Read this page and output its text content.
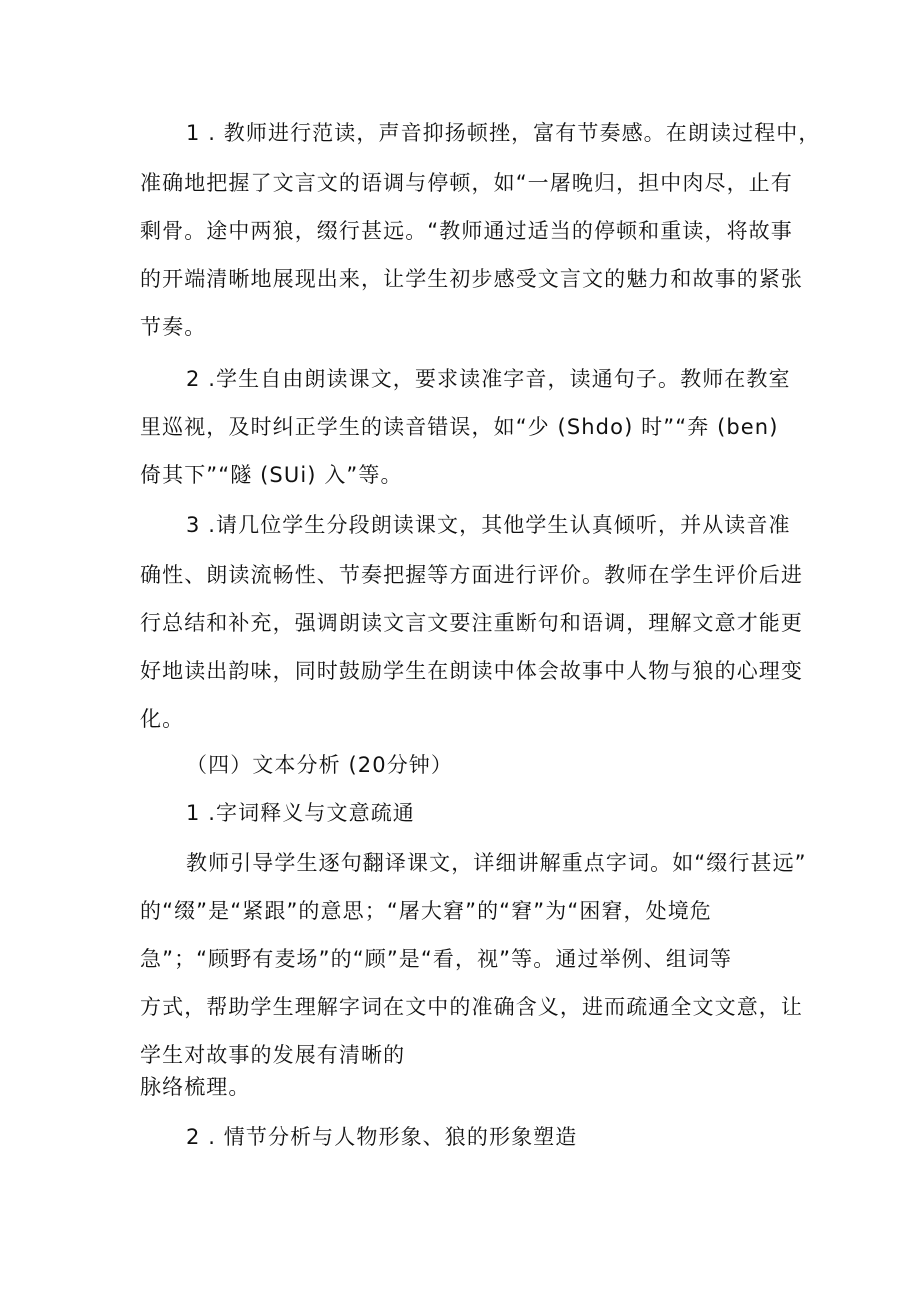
1 . 教师进行范读，声音抑扬顿挫，富有节奏感。在朗读过程中，
准确地把握了文言文的语调与停顿，如“一屠晚归，担中肉尽，止有
剩骨。途中两狼，缀行甚远。“教师通过适当的停顿和重读，将故事
的开端清晰地展现出来，让学生初步感受文言文的魅力和故事的紧张
节奏。
2 .学生自由朗读课文，要求读准字音，读通句子。教师在教室
里巡视，及时纠正学生的读音错误，如“少 (Shdo) 时”“奔 (ben)
倚其下”“隧 (SUi) 入”等。
3 .请几位学生分段朗读课文，其他学生认真倾听，并从读音准
确性、朗读流畅性、节奏把握等方面进行评价。教师在学生评价后进
行总结和补充，强调朗读文言文要注重断句和语调，理解文意才能更
好地读出韵味，同时鼓励学生在朗读中体会故事中人物与狼的心理变
化。
（四）文本分析 (20分钟）
1 .字词释义与文意疏通
教师引导学生逐句翻译课文，详细讲解重点字词。如“缀行甚远”
的“缀”是“紧跟”的意思；“屠大窘”的“窘”为“困窘，处境危
急”；“顾野有麦场”的“顾”是“看，视”等。通过举例、组词等
方式，帮助学生理解字词在文中的准确含义，进而疏通全文文意，让
学生对故事的发展有清晰的
脉络梳理。
2 . 情节分析与人物形象、狼的形象塑造
